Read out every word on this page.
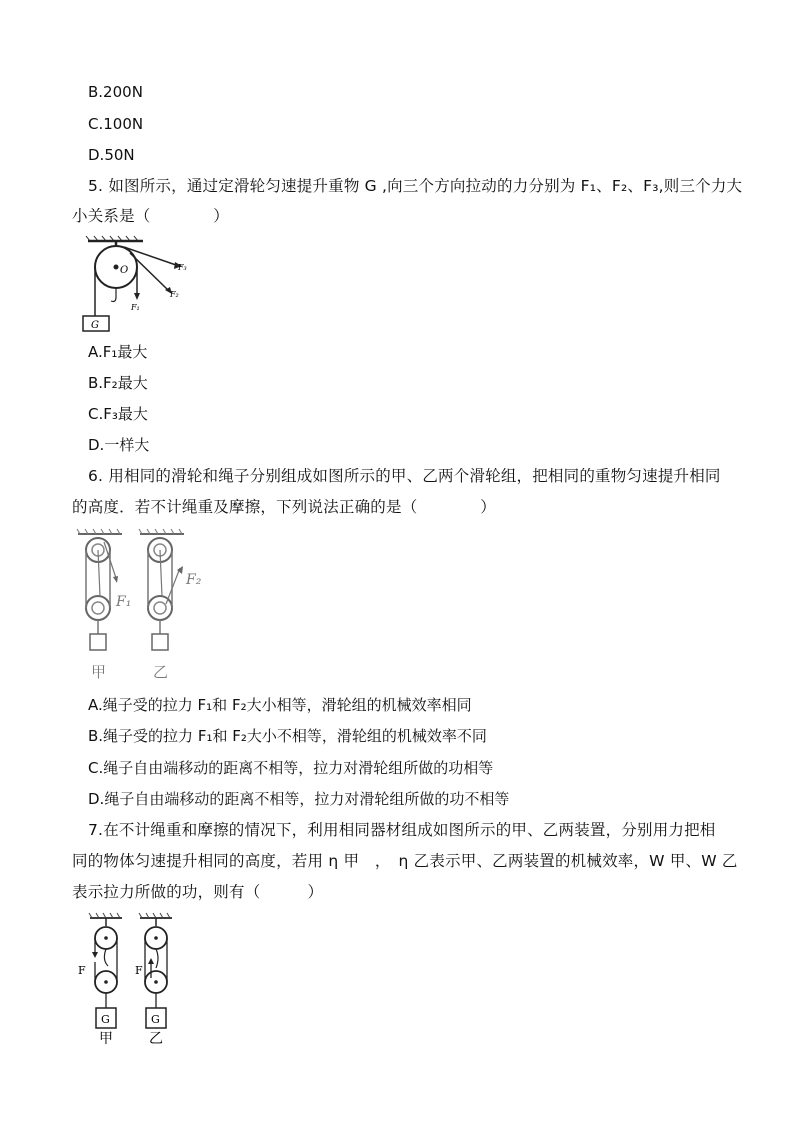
B.200N
C.100N
D.50N
5. 如图所示，通过定滑轮匀速提升重物 G ,向三个方向拉动的力分别为 F₁、F₂、F₃,则三个力大
小关系是（　　　　）
O
G
F₁
F₂
F₃
A.F₁最大
B.F₂最大
C.F₃最大
D.一样大
6. 用相同的滑轮和绳子分别组成如图所示的甲、乙两个滑轮组，把相同的重物匀速提升相同
的高度．若不计绳重及摩擦，下列说法正确的是（　　　　）
F₁
甲
F₂
乙
A.绳子受的拉力 F₁和 F₂大小相等，滑轮组的机械效率相同
B.绳子受的拉力 F₁和 F₂大小不相等，滑轮组的机械效率不同
C.绳子自由端移动的距离不相等，拉力对滑轮组所做的功相等
D.绳子自由端移动的距离不相等，拉力对滑轮组所做的功不相等
7.在不计绳重和摩擦的情况下，利用相同器材组成如图所示的甲、乙两装置，分别用力把相
同的物体匀速提升相同的高度，若用 η 甲　，　η 乙表示甲、乙两装置的机械效率，W 甲、W 乙
表示拉力所做的功，则有（　　　）
F
G
甲
F
G
乙
